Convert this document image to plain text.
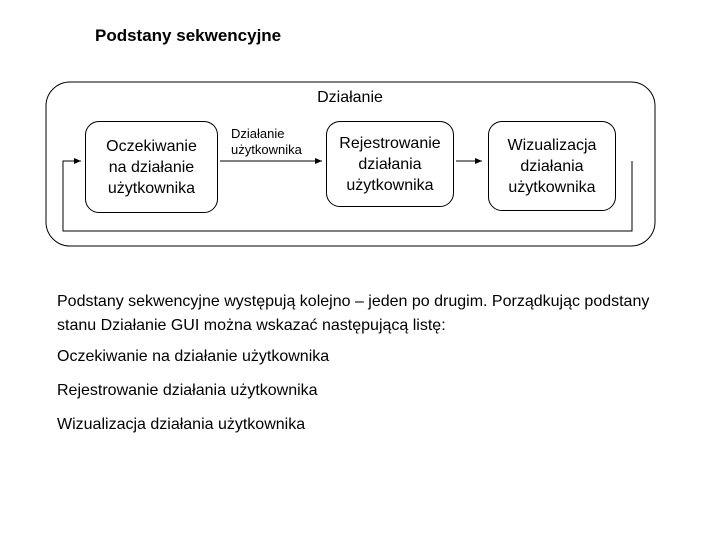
Podstany sekwencyjne
Działanie
Działanie
użytkownika
Oczekiwanie
na działanie
użytkownika
Rejestrowanie
działania
użytkownika
Wizualizacja
działania
użytkownika
Podstany sekwencyjne występują kolejno – jeden po drugim. Porządkując podstany stanu Działanie GUI można wskazać następującą listę:
Oczekiwanie na działanie użytkownika
Rejestrowanie działania użytkownika
Wizualizacja działania użytkownika
